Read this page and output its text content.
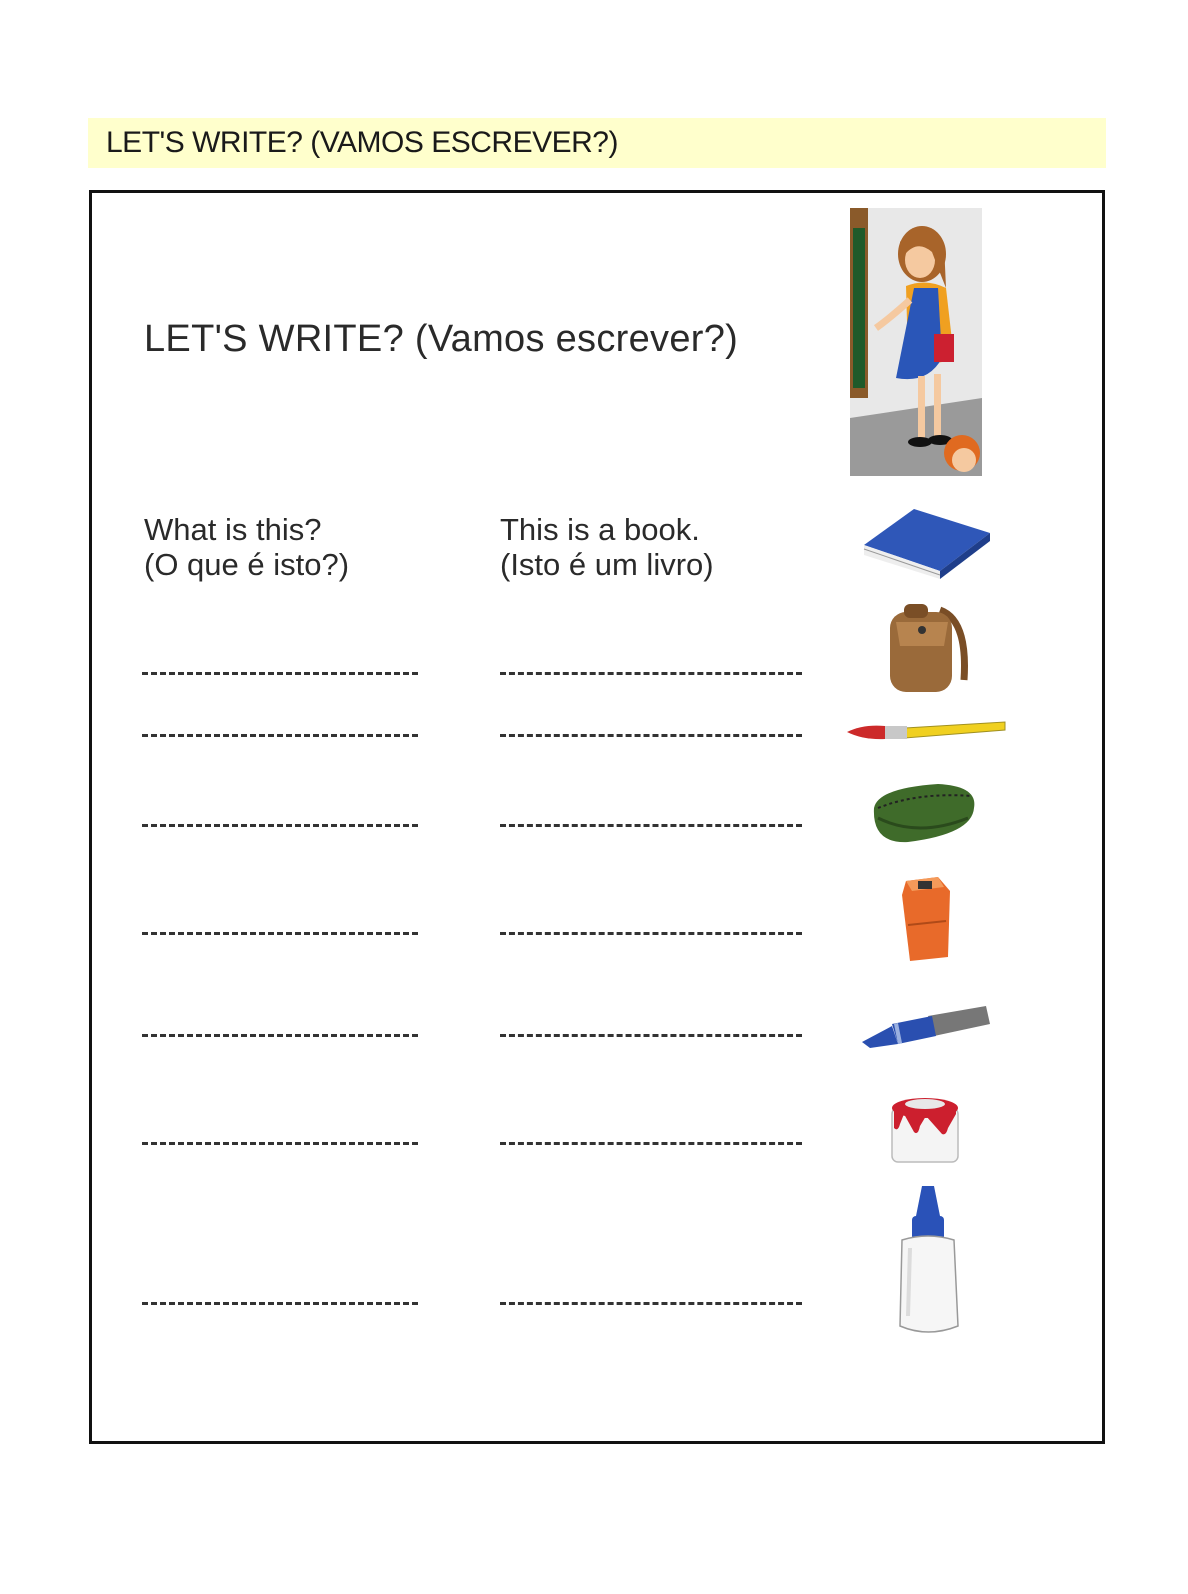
LET'S WRITE? (VAMOS ESCREVER?)
LET'S WRITE? (Vamos escrever?)
What is this?
(O que é isto?)
This is a book.
(Isto é um livro)
